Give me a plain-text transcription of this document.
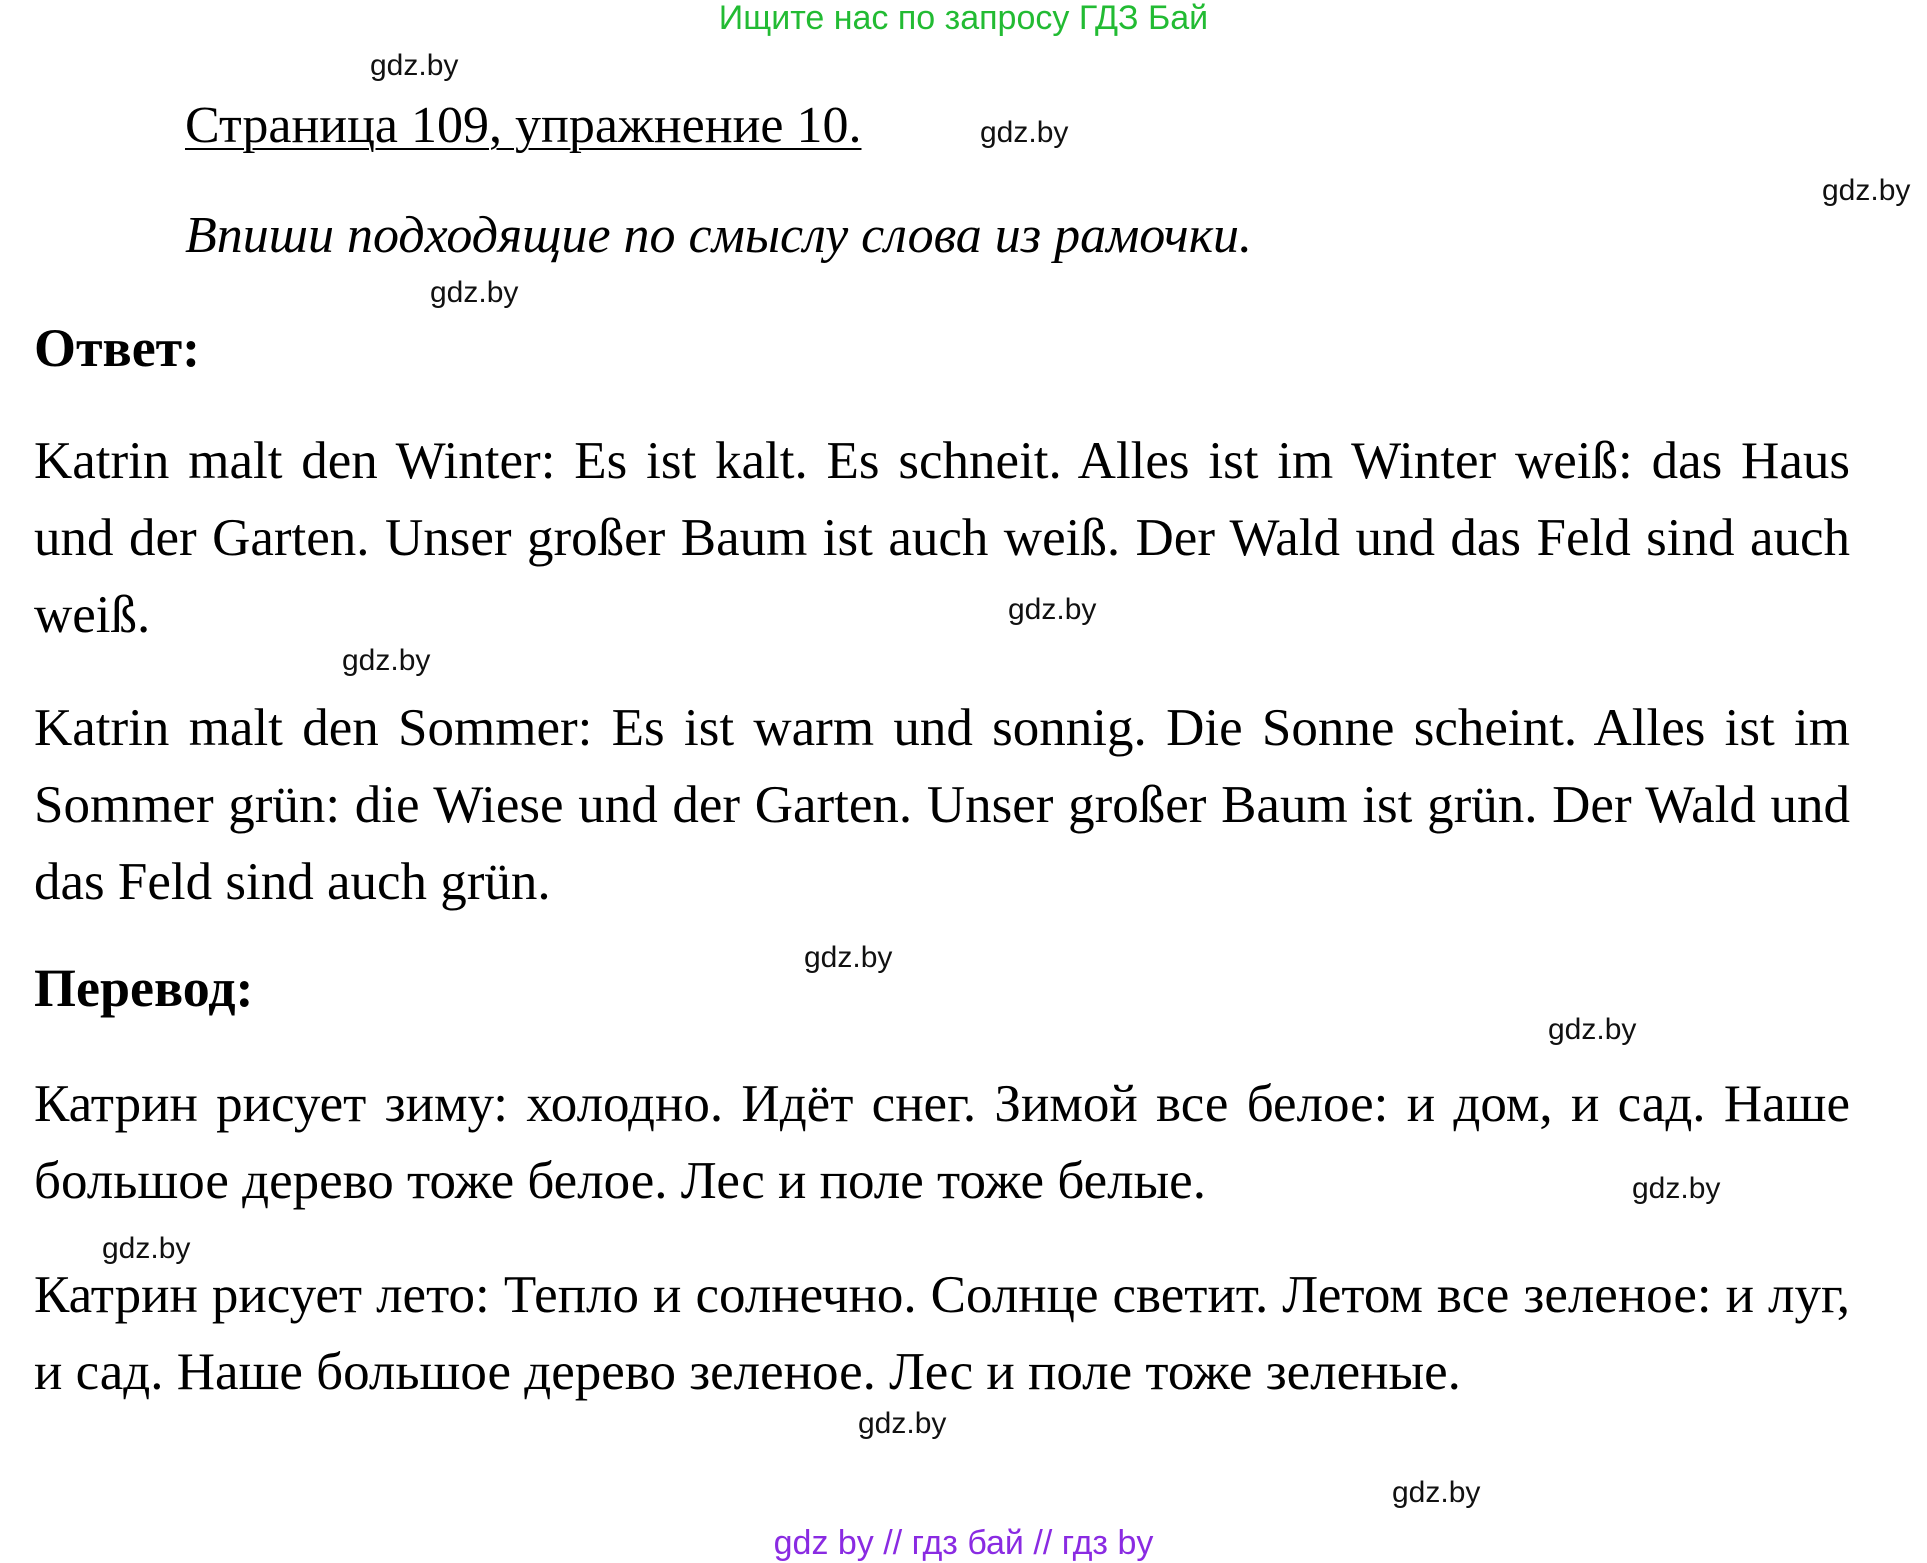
Ищите нас по запросу ГДЗ Бай
Страница 109, упражнение 10.
Впиши подходящие по смыслу слова из рамочки.
Ответ:
Katrin malt den Winter: Es ist kalt. Es schneit. Alles ist im Winter weiß: das Haus und der Garten. Unser großer Baum ist auch weiß. Der Wald und das Feld sind auch weiß.
Katrin malt den Sommer: Es ist warm und sonnig. Die Sonne scheint. Alles ist im Sommer grün: die Wiese und der Garten. Unser großer Baum ist grün. Der Wald und das Feld sind auch grün.
Перевод:
Катрин рисует зиму: холодно. Идёт снег. Зимой все белое: и дом, и сад. Наше большое дерево тоже белое. Лес и поле тоже белые.
Катрин рисует лето: Тепло и солнечно. Солнце светит. Летом все зеленое: и луг, и сад. Наше большое дерево зеленое. Лес и поле тоже зеленые.
gdz.by
gdz.by
gdz.by
gdz.by
gdz.by
gdz.by
gdz.by
gdz.by
gdz.by
gdz.by
gdz.by
gdz.by
gdz by // гдз бай // гдз by
